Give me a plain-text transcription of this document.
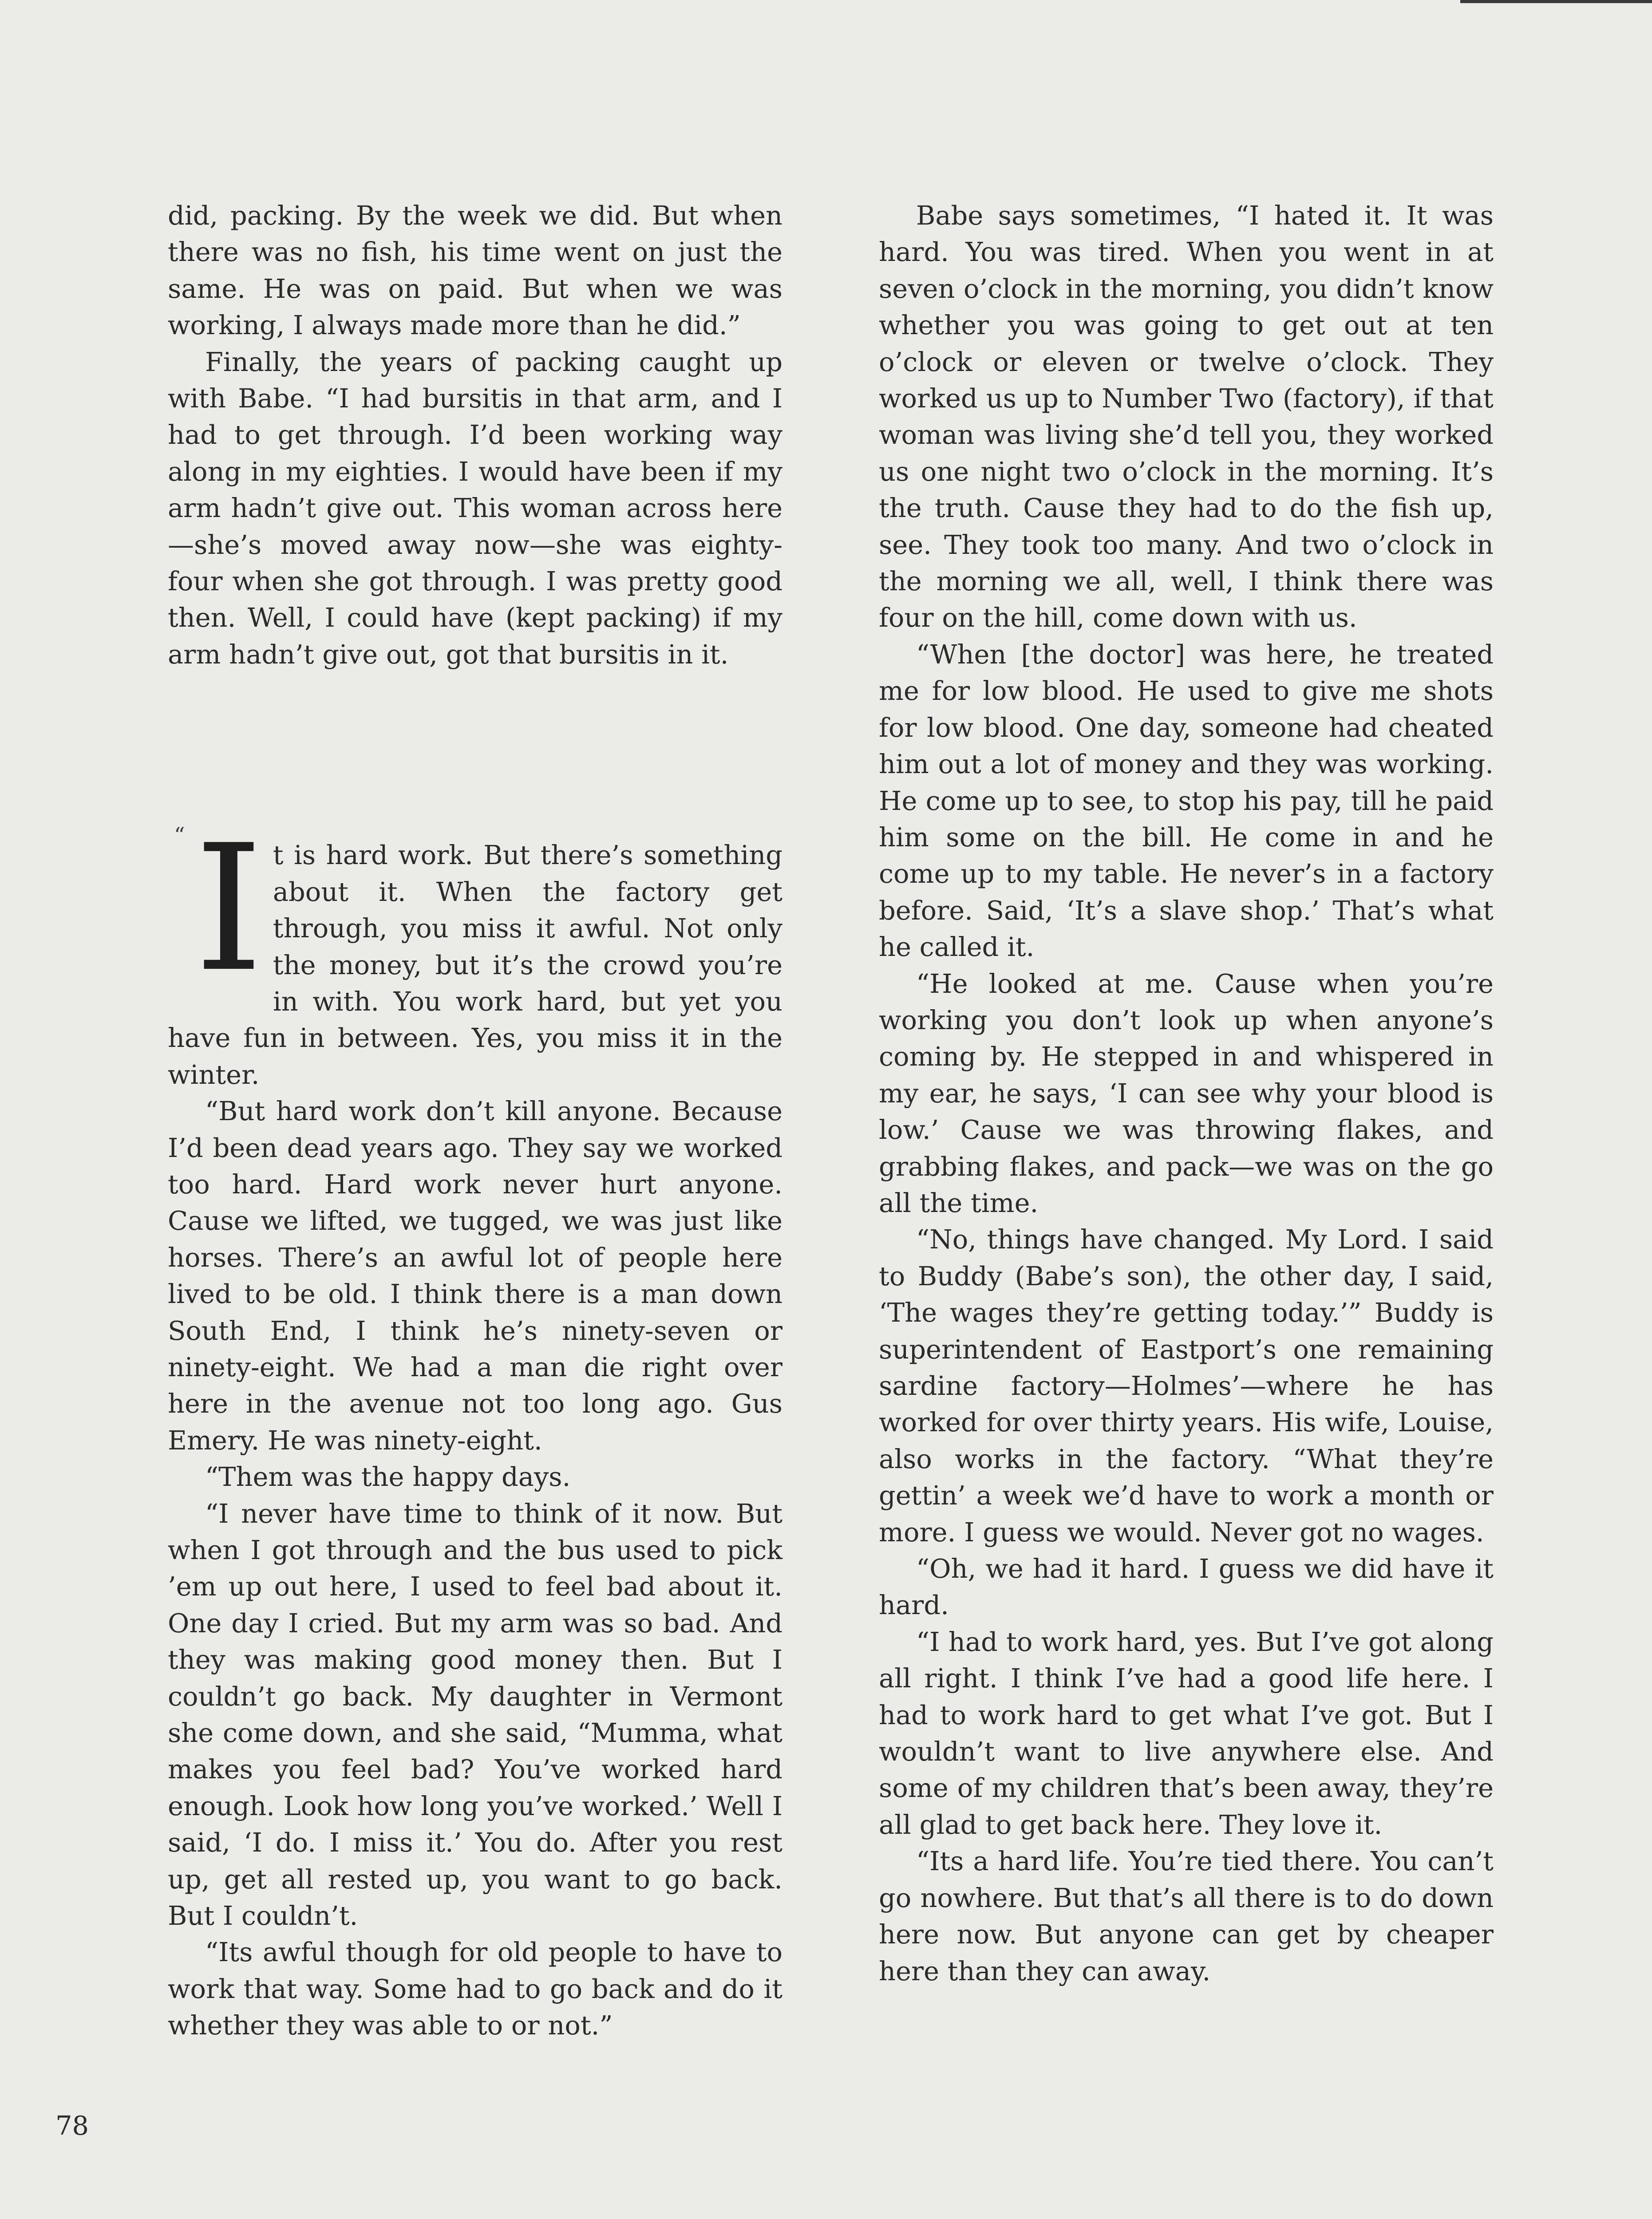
did, packing. By the week we did. But when there was no fish, his time went on just the same. He was on paid. But when we was working, I always made more than he did.”

Finally, the years of packing caught up with Babe. “I had bursitis in that arm, and I had to get through. I’d been working way along in my eighties. I would have been if my arm hadn’t give out. This woman across here—she’s moved away now—she was eighty-four when she got through. I was pretty good then. Well, I could have (kept packing) if my arm hadn’t give out, got that bursitis in it.

“ I t is hard work. But there’s something about it. When the factory get through, you miss it awful. Not only the money, but it’s the crowd you’re in with. You work hard, but yet you have fun in between. Yes, you miss it in the winter.

“But hard work don’t kill anyone. Because I’d been dead years ago. They say we worked too hard. Hard work never hurt anyone. Cause we lifted, we tugged, we was just like horses. There’s an awful lot of people here lived to be old. I think there is a man down South End, I think he’s ninety-seven or ninety-eight. We had a man die right over here in the avenue not too long ago. Gus Emery. He was ninety-eight.

“Them was the happy days.

“I never have time to think of it now. But when I got through and the bus used to pick ’em up out here, I used to feel bad about it. One day I cried. But my arm was so bad. And they was making good money then. But I couldn’t go back. My daughter in Vermont she come down, and she said, “Mumma, what makes you feel bad? You’ve worked hard enough. Look how long you’ve worked.’ Well I said, ‘I do. I miss it.’ You do. After you rest up, get all rested up, you want to go back. But I couldn’t.

“Its awful though for old people to have to work that way. Some had to go back and do it whether they was able to or not.”

Babe says sometimes, “I hated it. It was hard. You was tired. When you went in at seven o’clock in the morning, you didn’t know whether you was going to get out at ten o’clock or eleven or twelve o’clock. They worked us up to Number Two (factory), if that woman was living she’d tell you, they worked us one night two o’clock in the morning. It’s the truth. Cause they had to do the fish up, see. They took too many. And two o’clock in the morning we all, well, I think there was four on the hill, come down with us.

“When [the doctor] was here, he treated me for low blood. He used to give me shots for low blood. One day, someone had cheated him out a lot of money and they was working. He come up to see, to stop his pay, till he paid him some on the bill. He come in and he come up to my table. He never’s in a factory before. Said, ‘It’s a slave shop.’ That’s what he called it.

“He looked at me. Cause when you’re working you don’t look up when anyone’s coming by. He stepped in and whispered in my ear, he says, ‘I can see why your blood is low.’ Cause we was throwing flakes, and grabbing flakes, and pack—we was on the go all the time.

“No, things have changed. My Lord. I said to Buddy (Babe’s son), the other day, I said, ‘The wages they’re getting today.’” Buddy is superintendent of Eastport’s one remaining sardine factory—Holmes’—where he has worked for over thirty years. His wife, Louise, also works in the factory. “What they’re gettin’ a week we’d have to work a month or more. I guess we would. Never got no wages.

“Oh, we had it hard. I guess we did have it hard.

“I had to work hard, yes. But I’ve got along all right. I think I’ve had a good life here. I had to work hard to get what I’ve got. But I wouldn’t want to live anywhere else. And some of my children that’s been away, they’re all glad to get back here. They love it.

“Its a hard life. You’re tied there. You can’t go nowhere. But that’s all there is to do down here now. But anyone can get by cheaper here than they can away.

78
